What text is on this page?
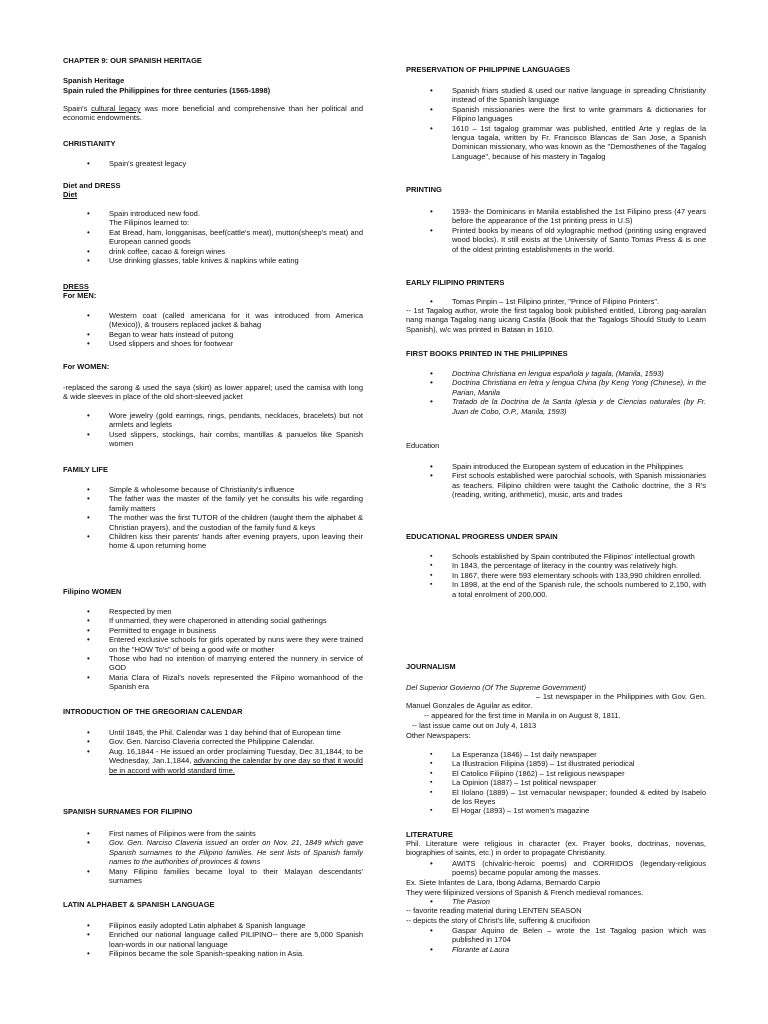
CHAPTER 9: OUR SPANISH HERITAGE
Spanish Heritage
Spain ruled the Philippines for three centuries (1565-1898)
Spain's cultural legacy was more beneficial and comprehensive than her political and economic endowments.
CHRISTIANITY
• Spain's greatest legacy
Diet and DRESS
Diet
• Spain introduced new food.
The Filipinos learned to:
• Eat Bread, ham, longganisas, beef(cattle's meat), mutton(sheep's meat) and European canned goods
• drink coffee, cacao & foreign wines
• Use drinking glasses, table knives & napkins while eating
DRESS
For MEN:
• Western coat (called americana for it was introduced from America (Mexico)), & trousers replaced jacket & bahag
• Began to wear hats instead of putong
• Used slippers and shoes for footwear
For WOMEN:
-replaced the sarong & used the saya (skirt) as lower apparel; used the camisa with long & wide sleeves in place of the old short-sleeved jacket
• Wore jewelry (gold earrings, rings, pendants, necklaces, bracelets) but not armlets and leglets
• Used slippers, stockings, hair combs, mantillas & panuelos like Spanish women
FAMILY LIFE
• Simple & wholesome because of Christianity's influence
• The father was the master of the family yet he consults his wife regarding family matters
• The mother was the first TUTOR of the children (taught them the alphabet & Christian prayers), and the custodian of the family fund & keys
• Children kiss their parents' hands after evening prayers, upon leaving their home & upon returning home
Filipino WOMEN
• Respected by men
• If unmarried, they were chaperoned in attending social gatherings
• Permitted to engage in business
• Entered exclusive schools for girls operated by nuns were they were trained on the "HOW To's" of being a good wife or mother
• Those who had no intention of marrying entered the nunnery in service of GOD
• Maria Clara of Rizal's novels represented the Filipino womanhood of the Spanish era
INTRODUCTION OF THE GREGORIAN CALENDAR
• Until 1845, the Phil. Calendar was 1 day behind that of European time
• Gov. Gen. Narciso Claveria corrected the Philippine Calendar.
• Aug. 16,1844 - He issued an order proclaiming Tuesday, Dec 31,1844, to be Wednesday, Jan.1,1844, advancing the calendar by one day so that it would be in accord with world standard time.
SPANISH SURNAMES FOR FILIPINO
• First names of Filipinos were from the saints
• Gov. Gen. Narciso Claveria issued an order on Nov. 21, 1849 which gave Spanish surnames to the Filipino families. He sent lists of Spanish family names to the authorities of provinces & towns
• Many Filipino families became loyal to their Malayan descendants' surnames
LATIN ALPHABET & SPANISH LANGUAGE
• Filipinos easily adopted Latin alphabet & Spanish language
• Enriched our national language called PILIPINO-- there are 5,000 Spanish loan-words in our national language
• Filipinos became the sole Spanish-speaking nation in Asia.
PRESERVATION OF PHILIPPINE LANGUAGES
• Spanish friars studied & used our native language in spreading Christianity instead of the Spanish language
• Spanish missionaries were the first to write grammars & dictionaries for Filipino languages
• 1610 – 1st tagalog grammar was published, entitled Arte y reglas de la lengua tagala, written by Fr. Francisco Blancas de San Jose, a Spanish Dominican missionary, who was known as the "Demosthenes of the Tagalog Language", because of his mastery in Tagalog
PRINTING
• 1593- the Dominicans in Manila established the 1st Filipino press (47 years before the appearance of the 1st printing press in U.S)
• Printed books by means of old xylographic method (printing using engraved wood blocks). It still exists at the University of Santo Tomas Press & is one of the oldest printing establishments in the world.
EARLY FILIPINO PRINTERS
• Tomas Pinpin – 1st Filipino printer, "Prince of Filipino Printers".
-- 1st Tagalog author, wrote the first tagalog book published entitled, Librong pag-aaralan nang manga Tagalog nang uicang Castila (Book that the Tagalogs Should Study to Learn Spanish), w/c was printed in Bataan in 1610.
FIRST BOOKS PRINTED IN THE PHILIPPINES
• Doctrina Christiana en lengua española y tagala, (Manila, 1593)
• Doctrina Christiana en letra y lengua China (by Keng Yong (Chinese), in the Parian, Manila
• Tratado de la Doctrina de la Santa Iglesia y de Ciencias naturales (by Fr. Juan de Cobo, O.P., Manila, 1593)
Education
• Spain introduced the European system of education in the Philippines
• First schools established were parochial schools, with Spanish missionaries as teachers. Filipino children were taught the Catholic doctrine, the 3 R's (reading, writing, arithmetic), music, arts and trades
EDUCATIONAL PROGRESS UNDER SPAIN
▪ Schools established by Spain contributed the Filipinos' intellectual growth
▪ In 1843, the percentage of literacy in the country was relatively high.
▪ In 1867, there were 593 elementary schools with 133,990 children enrolled.
▪ In 1898, at the end of the Spanish rule, the schools numbered to 2,150, with a total enrolment of 200,000.
JOURNALISM
Del Superior Govierno (Of The Supreme Government)
– 1st newspaper in the Philippines with Gov. Gen. Manuel Gonzales de Aguilar as editor.
-- appeared for the first time in Manila in on August 8, 1811.
-- last issue came out on July 4, 1813
Other Newspapers:
▪ La Esperanza (1846) – 1st daily newspaper
▪ La Illustracion Filipina (1859) – 1st illustrated periodical
▪ El Catolico Filipino (1862) – 1st religious newspaper
▪ La Opinion (1887) – 1st political newspaper
▪ El Ilolano (1889) – 1st vernacular newspaper; founded & edited by Isabelo de los Reyes
▪ El Hogar (1893) – 1st women's magazine
LITERATURE
Phil. Literature were religious in character (ex. Prayer books, doctrinas, novenas, biographies of saints, etc.) in order to propagate Christianity.
• AWITS (chivalric-heroic poems) and CORRIDOS (legendary-religious poems) became popular among the masses.
Ex. Siete Infantes de Lara, Ibong Adarna, Bernardo Carpio
They were filipinized versions of Spanish & French medieval romances.
• The Pasion
-- favorite reading material during LENTEN SEASON
-- depicts the story of Christ's life, suffering & crucifixion
• Gaspar Aquino de Belen – wrote the 1st Tagalog pasion which was published in 1704
• Florante at Laura
